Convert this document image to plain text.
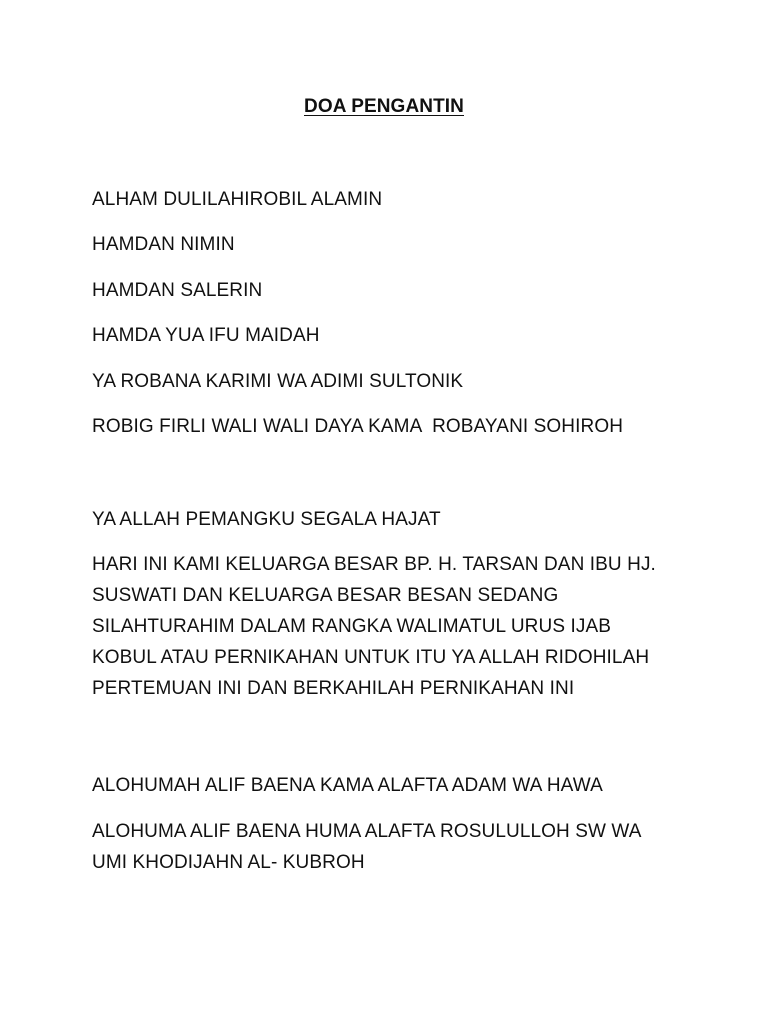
DOA PENGANTIN

ALHAM DULILAHIROBIL ALAMIN

HAMDAN NIMIN

HAMDAN SALERIN

HAMDA YUA IFU MAIDAH

YA ROBANA KARIMI WA ADIMI SULTONIK

ROBIG FIRLI WALI WALI DAYA KAMA  ROBAYANI SOHIROH

YA ALLAH PEMANGKU SEGALA HAJAT

HARI INI KAMI KELUARGA BESAR BP. H. TARSAN DAN IBU HJ. SUSWATI DAN KELUARGA BESAR BESAN SEDANG SILAHTURAHIM DALAM RANGKA WALIMATUL URUS IJAB KOBUL ATAU PERNIKAHAN UNTUK ITU YA ALLAH RIDOHILAH PERTEMUAN INI DAN BERKAHILAH PERNIKAHAN INI

ALOHUMAH ALIF BAENA KAMA ALAFTA ADAM WA HAWA

ALOHUMA ALIF BAENA HUMA ALAFTA ROSULULLOH SW WA UMI KHODIJAHN AL- KUBROH
